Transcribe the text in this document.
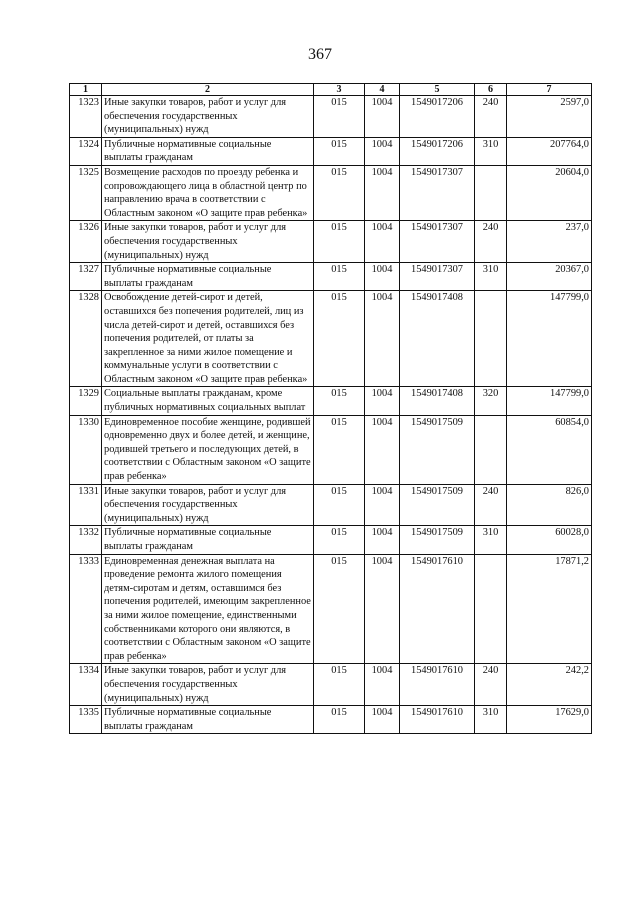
367
1	2	3	4	5	6	7
1323	Иные закупки товаров, работ и услуг для обеспечения государственных (муниципальных) нужд	015	1004	1549017206	240	2597,0
1324	Публичные нормативные социальные выплаты гражданам	015	1004	1549017206	310	207764,0
1325	Возмещение расходов по проезду ребенка и сопровождающего лица в областной центр по направлению врача в соответствии с Областным законом «О защите прав ребенка»	015	1004	1549017307		20604,0
1326	Иные закупки товаров, работ и услуг для обеспечения государственных (муниципальных) нужд	015	1004	1549017307	240	237,0
1327	Публичные нормативные социальные выплаты гражданам	015	1004	1549017307	310	20367,0
1328	Освобождение детей-сирот и детей, оставшихся без попечения родителей, лиц из числа детей-сирот и детей, оставшихся без попечения родителей, от платы за закрепленное за ними жилое помещение и коммунальные услуги в соответствии с Областным законом «О защите прав ребенка»	015	1004	1549017408		147799,0
1329	Социальные выплаты гражданам, кроме публичных нормативных социальных выплат	015	1004	1549017408	320	147799,0
1330	Единовременное пособие женщине, родившей одновременно двух и более детей, и женщине, родившей третьего и последующих детей, в соответствии с Областным законом «О защите прав ребенка»	015	1004	1549017509		60854,0
1331	Иные закупки товаров, работ и услуг для обеспечения государственных (муниципальных) нужд	015	1004	1549017509	240	826,0
1332	Публичные нормативные социальные выплаты гражданам	015	1004	1549017509	310	60028,0
1333	Единовременная денежная выплата на проведение ремонта жилого помещения детям-сиротам и детям, оставшимся без попечения родителей, имеющим закрепленное за ними жилое помещение, единственными собственниками которого они являются, в соответствии с Областным законом «О защите прав ребенка»	015	1004	1549017610		17871,2
1334	Иные закупки товаров, работ и услуг для обеспечения государственных (муниципальных) нужд	015	1004	1549017610	240	242,2
1335	Публичные нормативные социальные выплаты гражданам	015	1004	1549017610	310	17629,0
